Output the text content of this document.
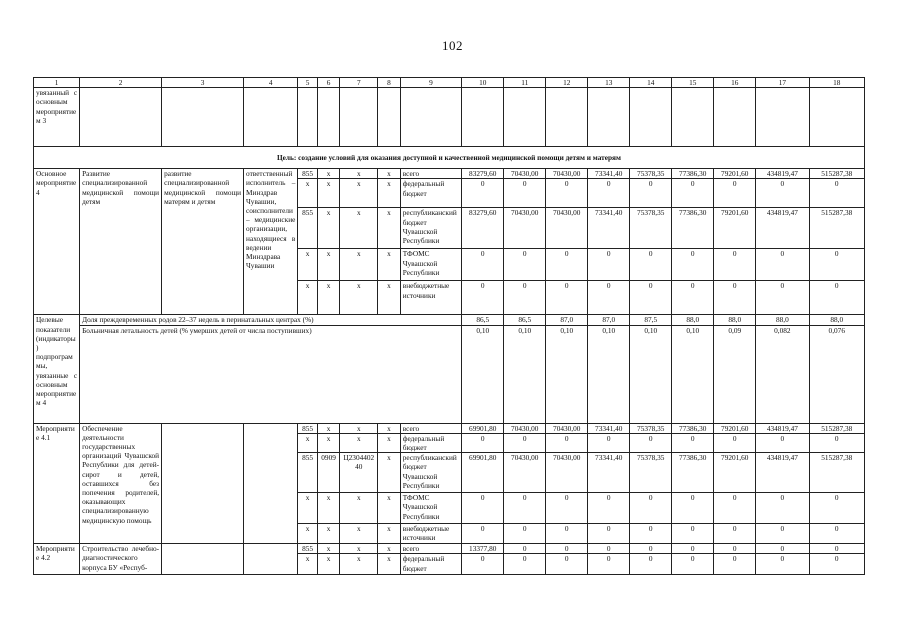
102
1	2	3	4	5	6	7	8	9	10	11	12	13	14	15	16	17	18
увязанный с основным мероприятием 3																	
Цель: создание условий для оказания доступной и качественной медицинской помощи детям и матерям																	
Основное мероприятие 4	Развитие специализированной медицинской помощи детям	развитие специализированной медицинской помощи матерям и детям	ответственный исполнитель – Минздрав Чувашии, соисполнители – медицинские организации, находящиеся в ведении Минздрава Чувашии	855	x	x	x	всего	83279,60	70430,00	70430,00	73341,40	75378,35	77386,30	79201,60	434819,47	515287,38
				x	x	x	x	федеральный бюджет	0	0	0	0	0	0	0	0	0
				855	x	x	x	республиканский бюджет Чувашской Республики	83279,60	70430,00	70430,00	73341,40	75378,35	77386,30	79201,60	434819,47	515287,38
				x	x	x	x	ТФОМС Чувашской Республики	0	0	0	0	0	0	0	0	0
				x	x	x	x	внебюджетные источники	0	0	0	0	0	0	0	0	0
Целевые показатели (индикаторы) подпрограммы, увязанные с основным мероприятием 4	Доля преждевременных родов 22–37 недель в перинатальных центрах (%)								86,5	86,5	87,0	87,0	87,5	88,0	88,0	88,0	88,0
	Больничная летальность детей (% умерших детей от числа поступивших)								0,10	0,10	0,10	0,10	0,10	0,10	0,09	0,082	0,076
Мероприятие 4.1	Обеспечение деятельности государственных организаций Чувашской Республики для детей-сирот и детей, оставшихся без попечения родителей, оказывающих специализированную медицинскую помощь			855	x	x	x	всего	69901,80	70430,00	70430,00	73341,40	75378,35	77386,30	79201,60	434819,47	515287,38
				x	x	x	x	федеральный бюджет	0	0	0	0	0	0	0	0	0
				855	0909	Ц230440240	x	республиканский бюджет Чувашской Республики	69901,80	70430,00	70430,00	73341,40	75378,35	77386,30	79201,60	434819,47	515287,38
				x	x	x	x	ТФОМС Чувашской Республики	0	0	0	0	0	0	0	0	0
				x	x	x	x	внебюджетные источники	0	0	0	0	0	0	0	0	0
Мероприятие 4.2	Строительство лечебно-диагностического корпуса БУ «Респуб-			855	x	x	x	всего	13377,80	0	0	0	0	0	0	0	0
				x	x	x	x	федеральный бюджет	0	0	0	0	0	0	0	0	0
